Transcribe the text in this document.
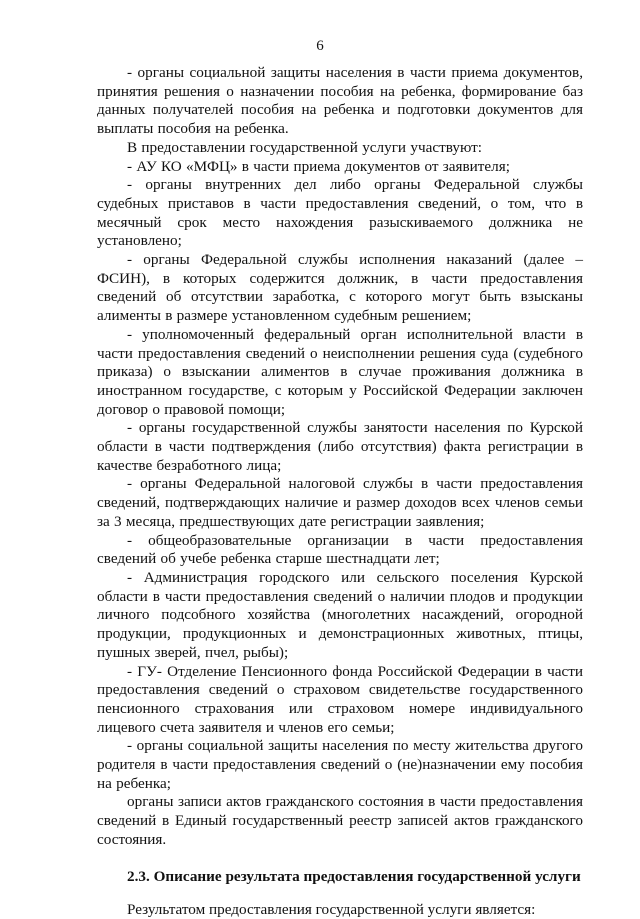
6

- органы социальной защиты населения в части приема документов, принятия решения о назначении пособия на ребенка, формирование баз данных получателей пособия на ребенка и подготовки документов для выплаты пособия на ребенка.

В предоставлении государственной услуги участвуют:

- АУ КО «МФЦ» в части приема документов от заявителя;

- органы внутренних дел либо органы Федеральной службы судебных приставов в части предоставления сведений, о том, что в месячный срок место нахождения разыскиваемого должника не установлено;

- органы Федеральной службы исполнения наказаний (далее – ФСИН), в которых содержится должник, в части предоставления сведений об отсутствии заработка, с которого могут быть взысканы алименты в размере установленном судебным решением;

- уполномоченный федеральный орган исполнительной власти в части предоставления сведений о неисполнении решения суда (судебного приказа) о взыскании алиментов в случае проживания должника в иностранном государстве, с которым у Российской Федерации заключен договор о правовой помощи;

- органы государственной службы занятости населения по Курской области в части подтверждения (либо отсутствия) факта регистрации в качестве безработного лица;

- органы Федеральной налоговой службы в части предоставления сведений, подтверждающих наличие и размер доходов всех членов семьи за 3 месяца, предшествующих дате регистрации заявления;

- общеобразовательные организации в части предоставления сведений об учебе ребенка старше шестнадцати лет;

- Администрация городского или сельского поселения Курской области в части предоставления сведений о наличии плодов и продукции личного подсобного хозяйства (многолетних насаждений, огородной продукции, продукционных и демонстрационных животных, птицы, пушных зверей, пчел, рыбы);

- ГУ- Отделение Пенсионного фонда Российской Федерации в части предоставления сведений о страховом свидетельстве государственного пенсионного страхования или страховом номере индивидуального лицевого счета заявителя и членов его семьи;

- органы социальной защиты населения по месту жительства другого родителя в части предоставления сведений о (не)назначении ему пособия на ребенка;

органы записи актов гражданского состояния в части предоставления сведений в Единый государственный реестр записей актов гражданского состояния.

2.3. Описание результата предоставления государственной услуги

Результатом предоставления государственной услуги является:
